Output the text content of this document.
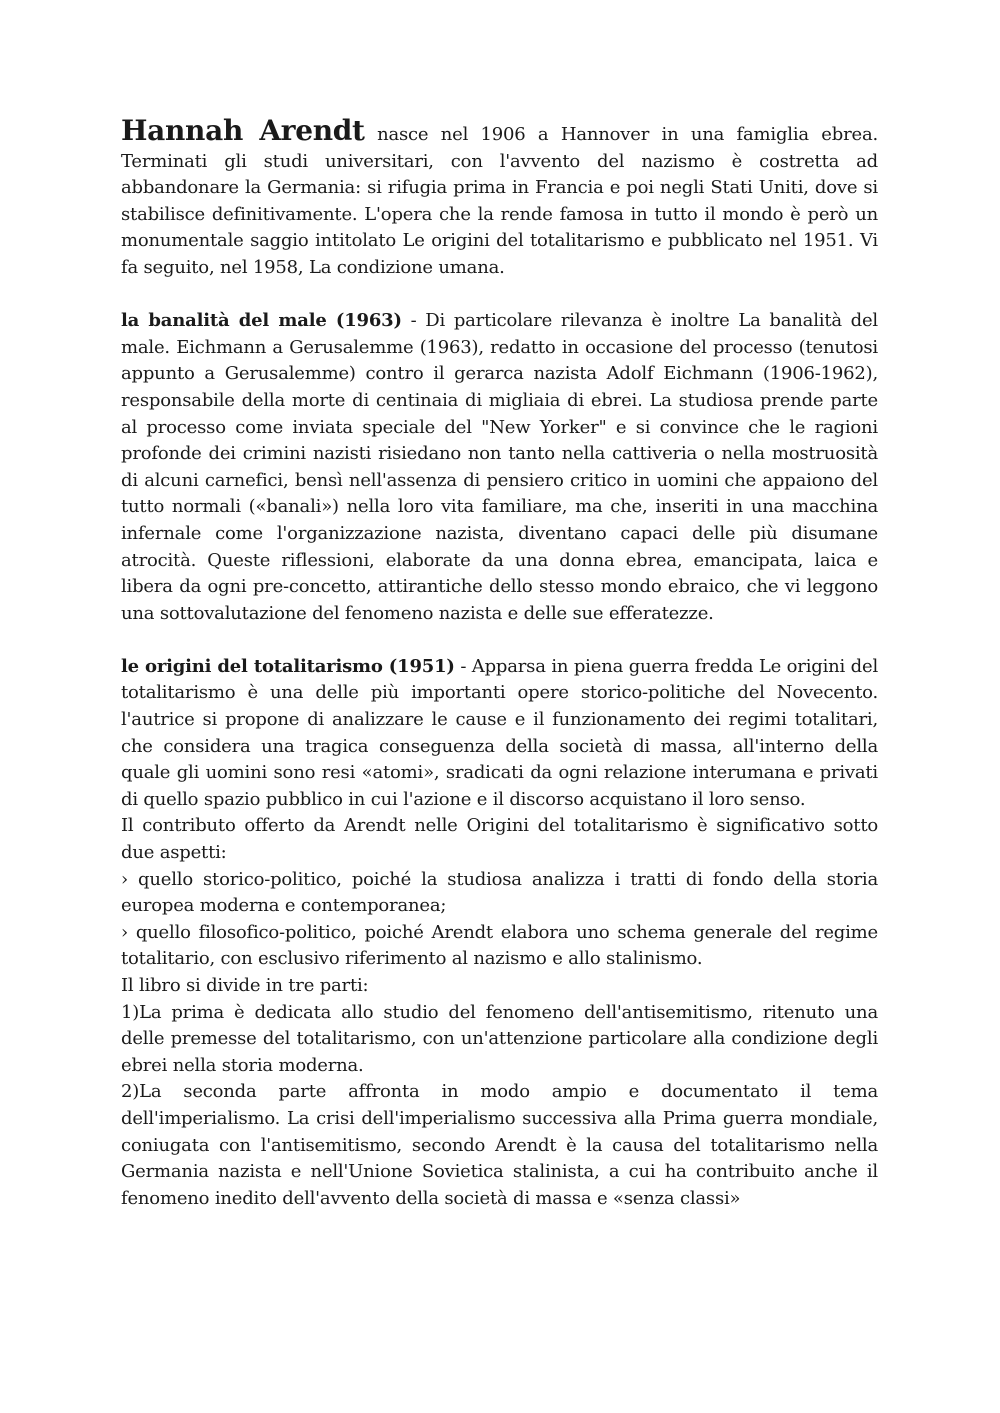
Hannah Arendt nasce nel 1906 a Hannover in una famiglia ebrea. Terminati gli studi universitari, con l'avvento del nazismo è costretta ad abbandonare la Germania: si rifugia prima in Francia e poi negli Stati Uniti, dove si stabilisce definitivamente. L'opera che la rende famosa in tutto il mondo è però un monumentale saggio intitolato Le origini del totalitarismo e pubblicato nel 1951. Vi fa seguito, nel 1958, La condizione umana.

la banalità del male (1963) - Di particolare rilevanza è inoltre La banalità del male. Eichmann a Gerusalemme (1963), redatto in occasione del processo (tenutosi appunto a Gerusalemme) contro il gerarca nazista Adolf Eichmann (1906-1962), responsabile della morte di centinaia di migliaia di ebrei. La studiosa prende parte al processo come inviata speciale del "New Yorker" e si convince che le ragioni profonde dei crimini nazisti risiedano non tanto nella cattiveria o nella mostruosità di alcuni carnefici, bensì nell'assenza di pensiero critico in uomini che appaiono del tutto normali («banali») nella loro vita familiare, ma che, inseriti in una macchina infernale come l'organizzazione nazista, diventano capaci delle più disumane atrocità. Queste riflessioni, elaborate da una donna ebrea, emancipata, laica e libera da ogni pre-concetto, attirantiche dello stesso mondo ebraico, che vi leggono una sottovalutazione del fenomeno nazista e delle sue efferatezze.

le origini del totalitarismo (1951) - Apparsa in piena guerra fredda Le origini del totalitarismo è una delle più importanti opere storico-politiche del Novecento. l'autrice si propone di analizzare le cause e il funzionamento dei regimi totalitari, che considera una tragica conseguenza della società di massa, all'interno della quale gli uomini sono resi «atomi», sradicati da ogni relazione interumana e privati di quello spazio pubblico in cui l'azione e il discorso acquistano il loro senso.

Il contributo offerto da Arendt nelle Origini del totalitarismo è significativo sotto due aspetti:

› quello storico-politico, poiché la studiosa analizza i tratti di fondo della storia europea moderna e contemporanea;

› quello filosofico-politico, poiché Arendt elabora uno schema generale del regime totalitario, con esclusivo riferimento al nazismo e allo stalinismo.

Il libro si divide in tre parti:

1)La prima è dedicata allo studio del fenomeno dell'antisemitismo, ritenuto una delle premesse del totalitarismo, con un'attenzione particolare alla condizione degli ebrei nella storia moderna.

2)La seconda parte affronta in modo ampio e documentato il tema dell'imperialismo. La crisi dell'imperialismo successiva alla Prima guerra mondiale, coniugata con l'antisemitismo, secondo Arendt è la causa del totalitarismo nella Germania nazista e nell'Unione Sovietica stalinista, a cui ha contribuito anche il fenomeno inedito dell'avvento della società di massa e «senza classi»
